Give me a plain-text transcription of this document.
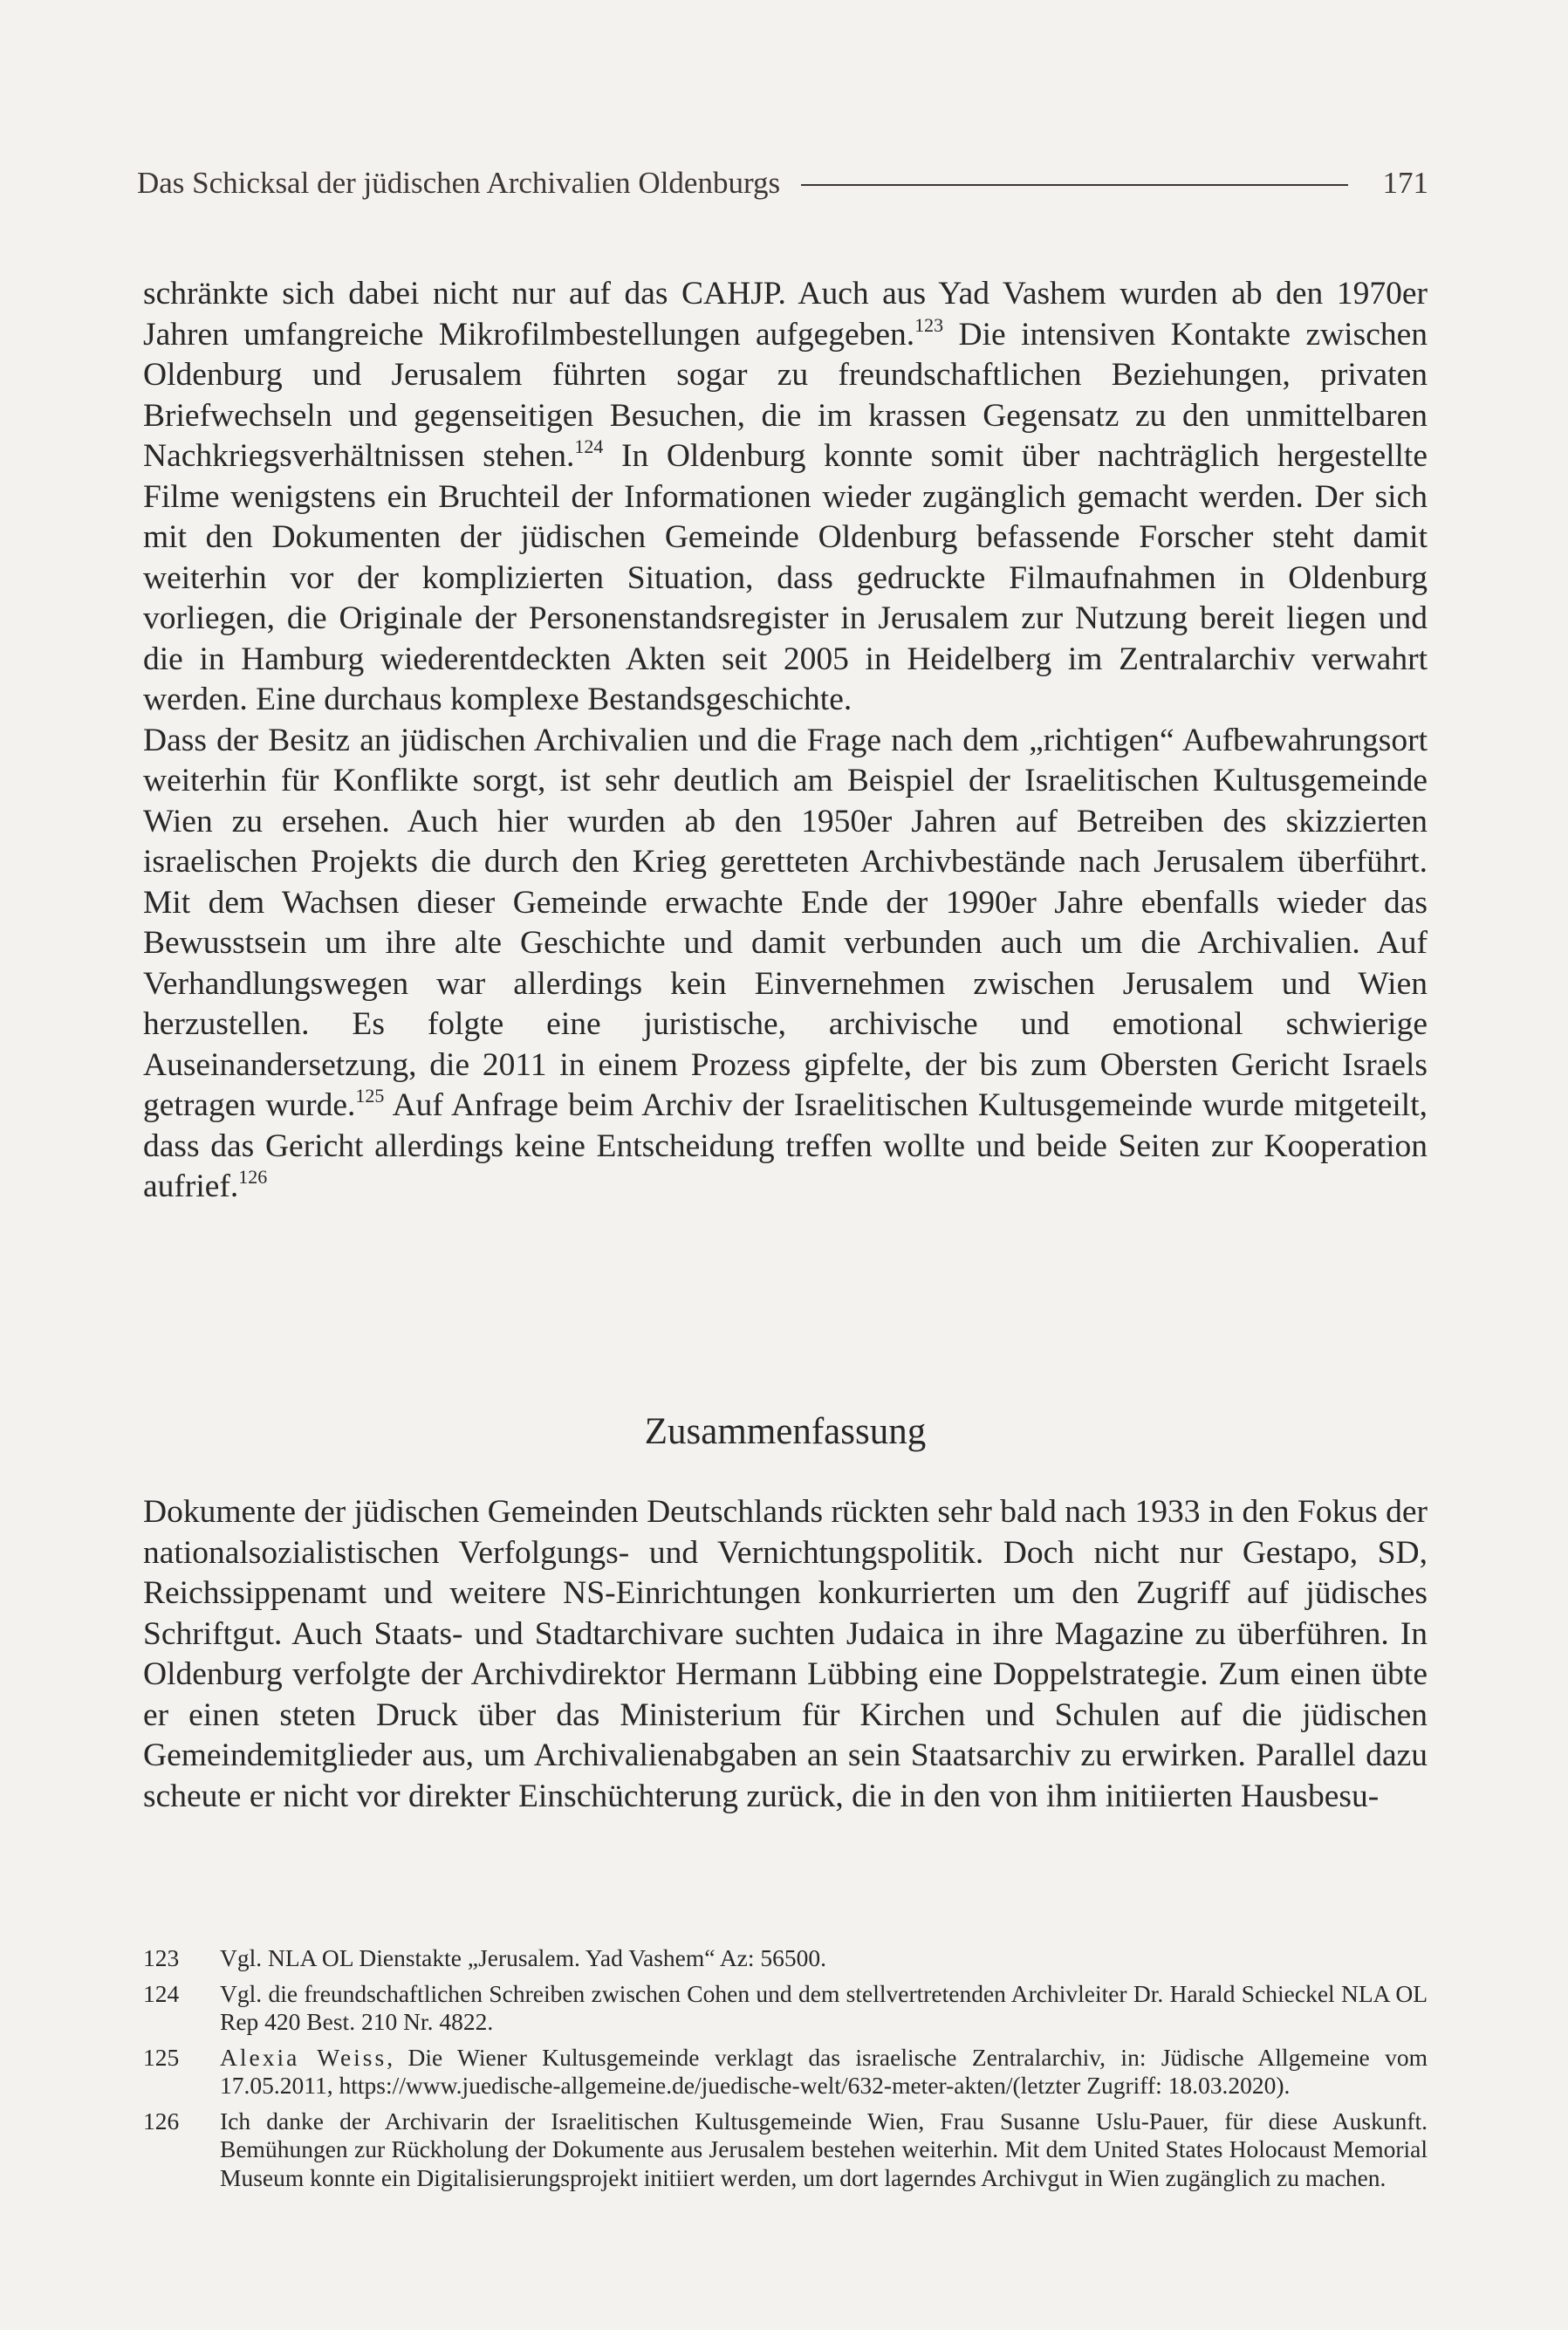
Das Schicksal der jüdischen Archivalien Oldenburgs	171

schränkte sich dabei nicht nur auf das CAHJP. Auch aus Yad Vashem wurden ab den 1970er Jahren umfangreiche Mikrofilmbestellungen aufgegeben.$^{123}$ Die intensiven Kontakte zwischen Oldenburg und Jerusalem führten sogar zu freundschaftlichen Beziehungen, privaten Briefwechseln und gegenseitigen Besuchen, die im krassen Gegensatz zu den unmittelbaren Nachkriegsverhältnissen stehen.$^{124}$ In Oldenburg konnte somit über nachträglich hergestellte Filme wenigstens ein Bruchteil der Informationen wieder zugänglich gemacht werden. Der sich mit den Dokumenten der jüdischen Gemeinde Oldenburg befassende Forscher steht damit weiterhin vor der komplizierten Situation, dass gedruckte Filmaufnahmen in Oldenburg vorliegen, die Originale der Personenstandsregister in Jerusalem zur Nutzung bereit liegen und die in Hamburg wiederentdeckten Akten seit 2005 in Heidelberg im Zentralarchiv verwahrt werden. Eine durchaus komplexe Bestandsgeschichte.

Dass der Besitz an jüdischen Archivalien und die Frage nach dem „richtigen“ Aufbewahrungsort weiterhin für Konflikte sorgt, ist sehr deutlich am Beispiel der Israelitischen Kultusgemeinde Wien zu ersehen. Auch hier wurden ab den 1950er Jahren auf Betreiben des skizzierten israelischen Projekts die durch den Krieg geretteten Archivbestände nach Jerusalem überführt. Mit dem Wachsen dieser Gemeinde erwachte Ende der 1990er Jahre ebenfalls wieder das Bewusstsein um ihre alte Geschichte und damit verbunden auch um die Archivalien. Auf Verhandlungswegen war allerdings kein Einvernehmen zwischen Jerusalem und Wien herzustellen. Es folgte eine juristische, archivische und emotional schwierige Auseinandersetzung, die 2011 in einem Prozess gipfelte, der bis zum Obersten Gericht Israels getragen wurde.$^{125}$ Auf Anfrage beim Archiv der Israelitischen Kultusgemeinde wurde mitgeteilt, dass das Gericht allerdings keine Entscheidung treffen wollte und beide Seiten zur Kooperation aufrief.$^{126}$

Zusammenfassung

Dokumente der jüdischen Gemeinden Deutschlands rückten sehr bald nach 1933 in den Fokus der nationalsozialistischen Verfolgungs- und Vernichtungspolitik. Doch nicht nur Gestapo, SD, Reichssippenamt und weitere NS-Einrichtungen konkurrierten um den Zugriff auf jüdisches Schriftgut. Auch Staats- und Stadtarchivare suchten Judaica in ihre Magazine zu überführen. In Oldenburg verfolgte der Archivdirektor Hermann Lübbing eine Doppelstrategie. Zum einen übte er einen steten Druck über das Ministerium für Kirchen und Schulen auf die jüdischen Gemeindemitglieder aus, um Archivalienabgaben an sein Staatsarchiv zu erwirken. Parallel dazu scheute er nicht vor direkter Einschüchterung zurück, die in den von ihm initiierten Hausbesu-

123	Vgl. NLA OL Dienstakte „Jerusalem. Yad Vashem“ Az: 56500.
124	Vgl. die freundschaftlichen Schreiben zwischen Cohen und dem stellvertretenden Archivleiter Dr. Harald Schieckel NLA OL Rep 420 Best. 210 Nr. 4822.
125	Alexia Weiss, Die Wiener Kultusgemeinde verklagt das israelische Zentralarchiv, in: Jüdische Allgemeine vom 17.05.2011, https://www.juedische-allgemeine.de/juedische-welt/632-meter-akten/(letzter Zugriff: 18.03.2020).
126	Ich danke der Archivarin der Israelitischen Kultusgemeinde Wien, Frau Susanne Uslu-Pauer, für diese Auskunft. Bemühungen zur Rückholung der Dokumente aus Jerusalem bestehen weiterhin. Mit dem United States Holocaust Memorial Museum konnte ein Digitalisierungsprojekt initiiert werden, um dort lagerndes Archivgut in Wien zugänglich zu machen.
